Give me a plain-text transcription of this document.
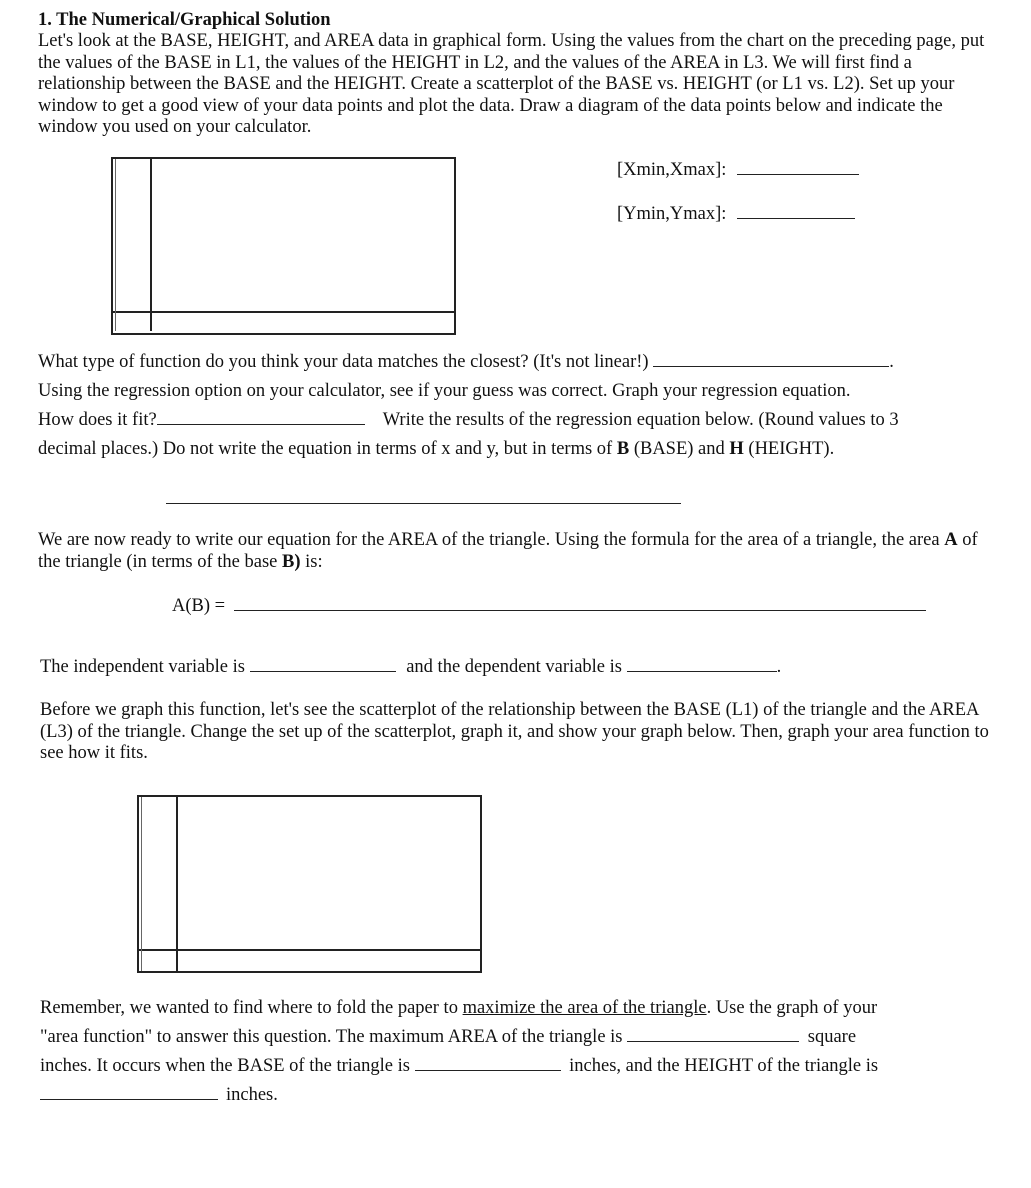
1. The Numerical/Graphical Solution
Let's look at the BASE, HEIGHT, and AREA data in graphical form. Using the values from the chart on the preceding page, put the values of the BASE in L1, the values of the HEIGHT in L2, and the values of the AREA in L3. We will first find a relationship between the BASE and the HEIGHT. Create a scatterplot of the BASE vs. HEIGHT (or L1 vs. L2). Set up your window to get a good view of your data points and plot the data. Draw a diagram of the data points below and indicate the window you used on your calculator.
[Xmin,Xmax]:
[Ymin,Ymax]:
What type of function do you think your data matches the closest? (It's not linear!)	.
Using the regression option on your calculator, see if your guess was correct. Graph your regression equation.
How does it fit?	Write the results of the regression equation below. (Round values to 3
decimal places.) Do not write the equation in terms of x and y, but in terms of B (BASE) and H (HEIGHT).
We are now ready to write our equation for the AREA of the triangle. Using the formula for the area of a triangle, the area A of the triangle (in terms of the base B) is:
A(B) =
The independent variable is	and the dependent variable is	.
Before we graph this function, let's see the scatterplot of the relationship between the BASE (L1) of the triangle and the AREA (L3) of the triangle. Change the set up of the scatterplot, graph it, and show your graph below. Then, graph your area function to see how it fits.
Remember, we wanted to find where to fold the paper to maximize the area of the triangle. Use the graph of your
"area function" to answer this question. The maximum AREA of the triangle is	square
inches. It occurs when the BASE of the triangle is	inches, and the HEIGHT of the triangle is
inches.
